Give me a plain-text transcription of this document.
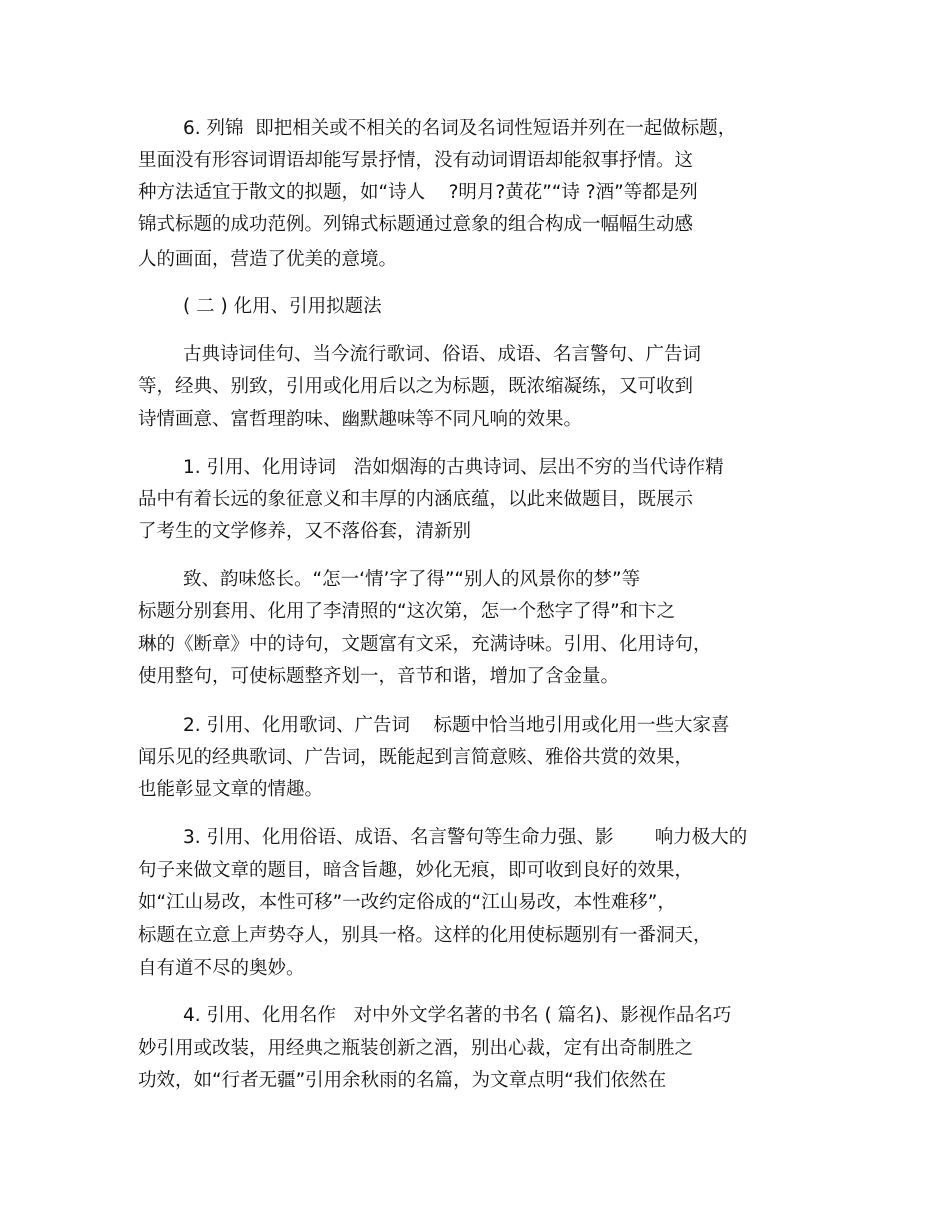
6. 列锦  即把相关或不相关的名词及名词性短语并列在一起做标题，
里面没有形容词谓语却能写景抒情，没有动词谓语却能叙事抒情。这
种方法适宜于散文的拟题，如“诗人    ?明月?黄花”“诗 ?酒”等都是列
锦式标题的成功范例。列锦式标题通过意象的组合构成一幅幅生动感
人的画面，营造了优美的意境。
( 二 ) 化用、引用拟题法
古典诗词佳句、当今流行歌词、俗语、成语、名言警句、广告词
等，经典、别致，引用或化用后以之为标题，既浓缩凝练，又可收到
诗情画意、富哲理韵味、幽默趣味等不同凡响的效果。
1. 引用、化用诗词   浩如烟海的古典诗词、层出不穷的当代诗作精
品中有着长远的象征意义和丰厚的内涵底蕴，以此来做题目，既展示
了考生的文学修养，又不落俗套，清新别
致、韵味悠长。“怎一‘情’字了得”“别人的风景你的梦”等
标题分别套用、化用了李清照的“这次第，怎一个愁字了得”和卞之
琳的《断章》中的诗句，文题富有文采，充满诗味。引用、化用诗句，
使用整句，可使标题整齐划一，音节和谐，增加了含金量。
2. 引用、化用歌词、广告词    标题中恰当地引用或化用一些大家喜
闻乐见的经典歌词、广告词，既能起到言简意赅、雅俗共赏的效果，
也能彰显文章的情趣。
3. 引用、化用俗语、成语、名言警句等生命力强、影       响力极大的
句子来做文章的题目，暗含旨趣，妙化无痕，即可收到良好的效果，
如“江山易改，本性可移”一改约定俗成的“江山易改，本性难移”，
标题在立意上声势夺人，别具一格。这样的化用使标题别有一番洞天，
自有道不尽的奥妙。
4. 引用、化用名作   对中外文学名著的书名 ( 篇名)、影视作品名巧
妙引用或改装，用经典之瓶装创新之酒，别出心裁，定有出奇制胜之
功效，如“行者无疆”引用余秋雨的名篇，为文章点明“我们依然在
